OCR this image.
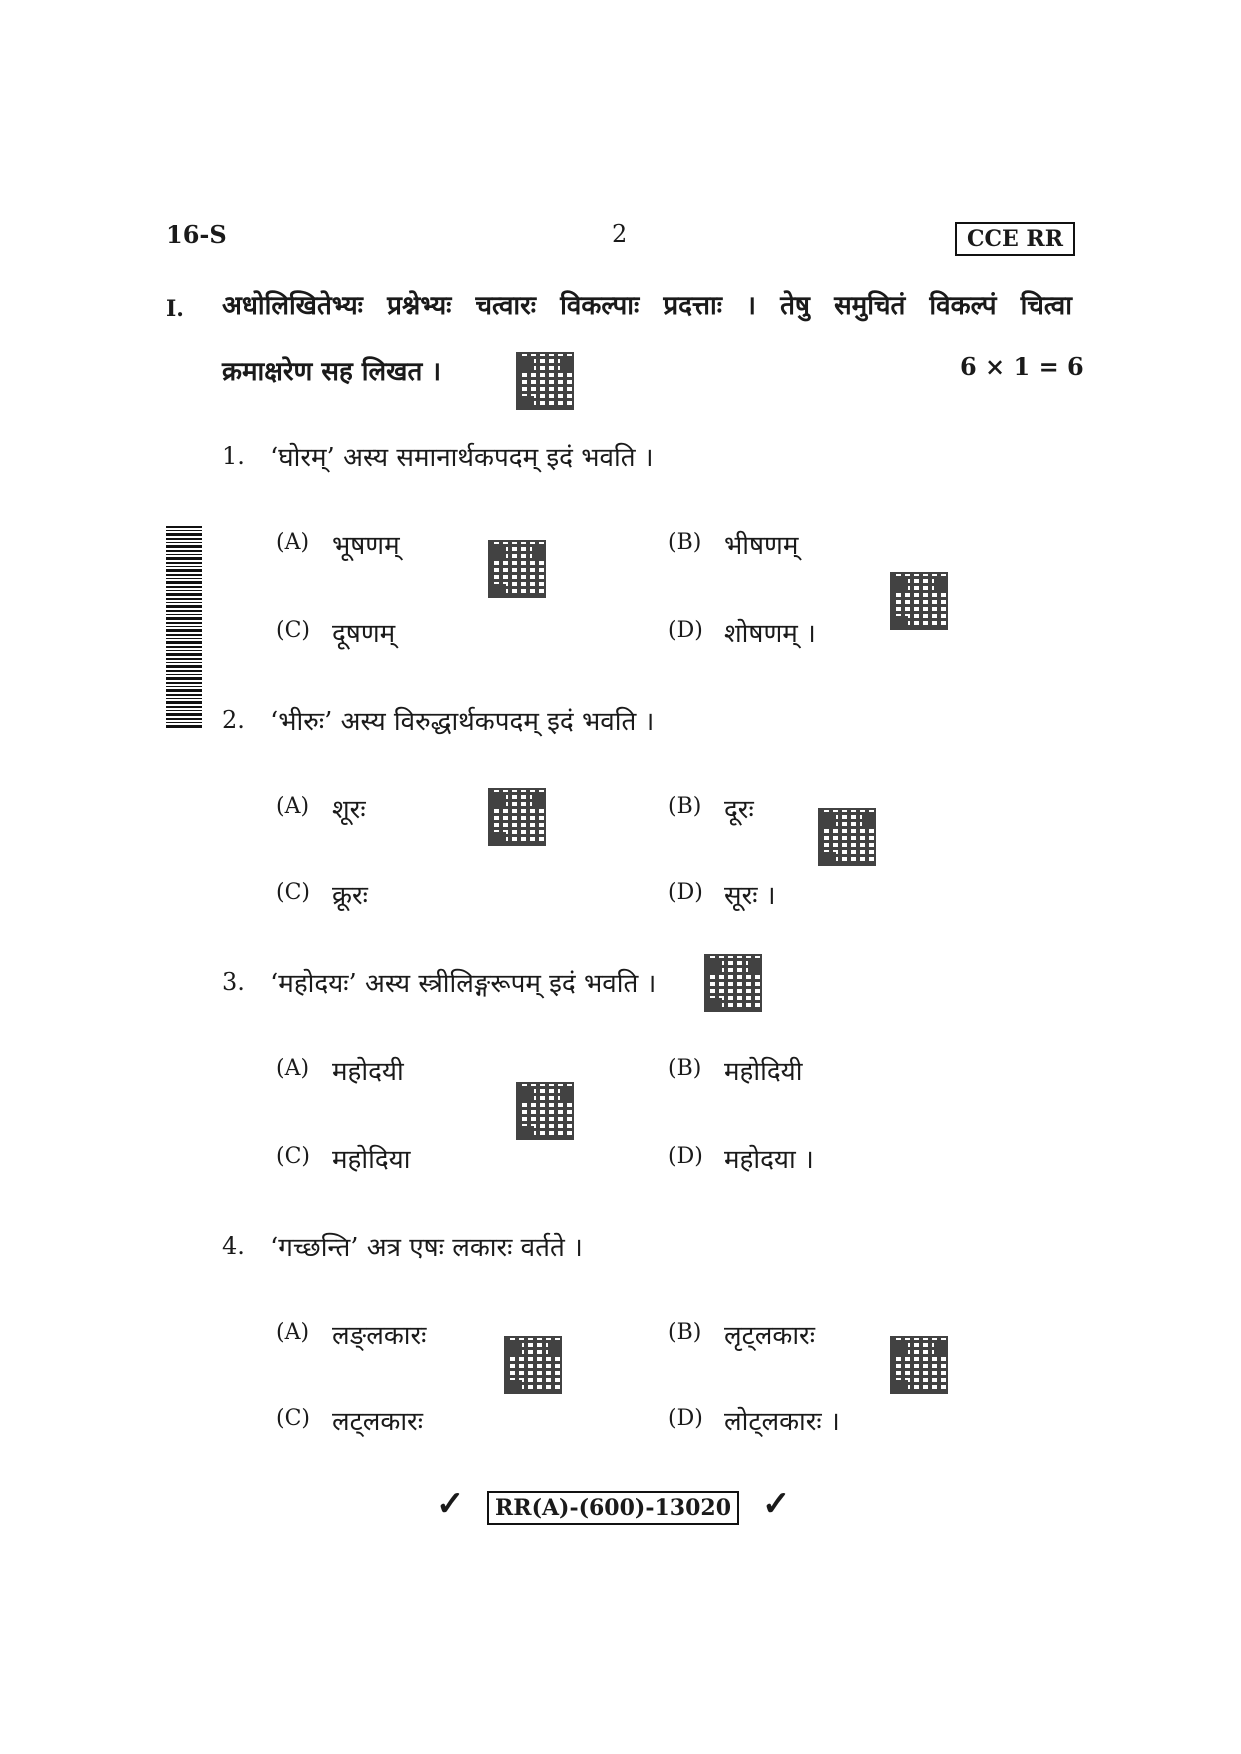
16-S	2	CCE RR
I. अधोलिखितेभ्यः प्रश्नेभ्यः चत्वारः विकल्पाः प्रदत्ताः । तेषु समुचितं विकल्पं चित्वा
क्रमाक्षरेण सह लिखत ।	6 × 1 = 6
1. ‘घोरम्’ अस्य समानार्थकपदम् इदं भवति ।
(A) भूषणम्	(B) भीषणम्
(C) दूषणम्	(D) शोषणम् ।
2. ‘भीरुः’ अस्य विरुद्धार्थकपदम् इदं भवति ।
(A) शूरः	(B) दूरः
(C) क्रूरः	(D) सूरः ।
3. ‘महोदयः’ अस्य स्त्रीलिङ्गरूपम् इदं भवति ।
(A) महोदयी	(B) महोदियी
(C) महोदिया	(D) महोदया ।
4. ‘गच्छन्ति’ अत्र एषः लकारः वर्तते ।
(A) लङ्लकारः	(B) लृट्लकारः
(C) लट्लकारः	(D) लोट्लकारः ।
✓	RR(A)-(600)-13020 ✓
